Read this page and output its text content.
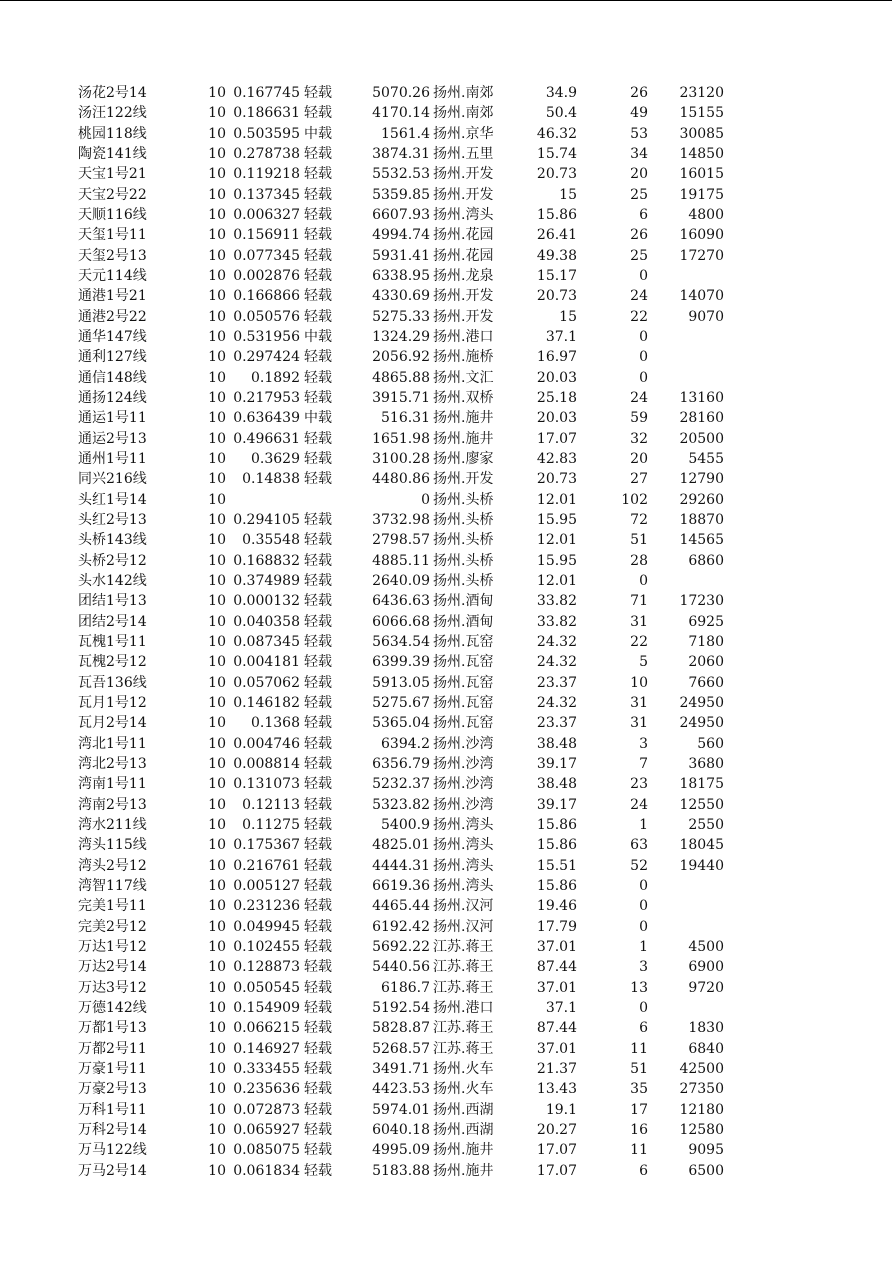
汤花2号14	10	0.167745	轻载	5070.26	扬州.南郊	34.9	26	23120
汤汪122线	10	0.186631	轻载	4170.14	扬州.南郊	50.4	49	15155
桃园118线	10	0.503595	中载	1561.4	扬州.京华	46.32	53	30085
陶瓷141线	10	0.278738	轻载	3874.31	扬州.五里	15.74	34	14850
天宝1号21	10	0.119218	轻载	5532.53	扬州.开发	20.73	20	16015
天宝2号22	10	0.137345	轻载	5359.85	扬州.开发	15	25	19175
天顺116线	10	0.006327	轻载	6607.93	扬州.湾头	15.86	6	4800
天玺1号11	10	0.156911	轻载	4994.74	扬州.花园	26.41	26	16090
天玺2号13	10	0.077345	轻载	5931.41	扬州.花园	49.38	25	17270
天元114线	10	0.002876	轻载	6338.95	扬州.龙泉	15.17	0	
通港1号21	10	0.166866	轻载	4330.69	扬州.开发	20.73	24	14070
通港2号22	10	0.050576	轻载	5275.33	扬州.开发	15	22	9070
通华147线	10	0.531956	中载	1324.29	扬州.港口	37.1	0	
通利127线	10	0.297424	轻载	2056.92	扬州.施桥	16.97	0	
通信148线	10	0.1892	轻载	4865.88	扬州.文汇	20.03	0	
通扬124线	10	0.217953	轻载	3915.71	扬州.双桥	25.18	24	13160
通运1号11	10	0.636439	中载	516.31	扬州.施井	20.03	59	28160
通运2号13	10	0.496631	轻载	1651.98	扬州.施井	17.07	32	20500
通州1号11	10	0.3629	轻载	3100.28	扬州.廖家	42.83	20	5455
同兴216线	10	0.14838	轻载	4480.86	扬州.开发	20.73	27	12790
头红1号14	10			0	扬州.头桥	12.01	102	29260
头红2号13	10	0.294105	轻载	3732.98	扬州.头桥	15.95	72	18870
头桥143线	10	0.35548	轻载	2798.57	扬州.头桥	12.01	51	14565
头桥2号12	10	0.168832	轻载	4885.11	扬州.头桥	15.95	28	6860
头水142线	10	0.374989	轻载	2640.09	扬州.头桥	12.01	0	
团结1号13	10	0.000132	轻载	6436.63	扬州.酒甸	33.82	71	17230
团结2号14	10	0.040358	轻载	6066.68	扬州.酒甸	33.82	31	6925
瓦槐1号11	10	0.087345	轻载	5634.54	扬州.瓦窑	24.32	22	7180
瓦槐2号12	10	0.004181	轻载	6399.39	扬州.瓦窑	24.32	5	2060
瓦吾136线	10	0.057062	轻载	5913.05	扬州.瓦窑	23.37	10	7660
瓦月1号12	10	0.146182	轻载	5275.67	扬州.瓦窑	24.32	31	24950
瓦月2号14	10	0.1368	轻载	5365.04	扬州.瓦窑	23.37	31	24950
湾北1号11	10	0.004746	轻载	6394.2	扬州.沙湾	38.48	3	560
湾北2号13	10	0.008814	轻载	6356.79	扬州.沙湾	39.17	7	3680
湾南1号11	10	0.131073	轻载	5232.37	扬州.沙湾	38.48	23	18175
湾南2号13	10	0.12113	轻载	5323.82	扬州.沙湾	39.17	24	12550
湾水211线	10	0.11275	轻载	5400.9	扬州.湾头	15.86	1	2550
湾头115线	10	0.175367	轻载	4825.01	扬州.湾头	15.86	63	18045
湾头2号12	10	0.216761	轻载	4444.31	扬州.湾头	15.51	52	19440
湾智117线	10	0.005127	轻载	6619.36	扬州.湾头	15.86	0	
完美1号11	10	0.231236	轻载	4465.44	扬州.汉河	19.46	0	
完美2号12	10	0.049945	轻载	6192.42	扬州.汉河	17.79	0	
万达1号12	10	0.102455	轻载	5692.22	江苏.蒋王	37.01	1	4500
万达2号14	10	0.128873	轻载	5440.56	江苏.蒋王	87.44	3	6900
万达3号12	10	0.050545	轻载	6186.7	江苏.蒋王	37.01	13	9720
万德142线	10	0.154909	轻载	5192.54	扬州.港口	37.1	0	
万都1号13	10	0.066215	轻载	5828.87	江苏.蒋王	87.44	6	1830
万都2号11	10	0.146927	轻载	5268.57	江苏.蒋王	37.01	11	6840
万豪1号11	10	0.333455	轻载	3491.71	扬州.火车	21.37	51	42500
万豪2号13	10	0.235636	轻载	4423.53	扬州.火车	13.43	35	27350
万科1号11	10	0.072873	轻载	5974.01	扬州.西湖	19.1	17	12180
万科2号14	10	0.065927	轻载	6040.18	扬州.西湖	20.27	16	12580
万马122线	10	0.085075	轻载	4995.09	扬州.施井	17.07	11	9095
万马2号14	10	0.061834	轻载	5183.88	扬州.施井	17.07	6	6500
